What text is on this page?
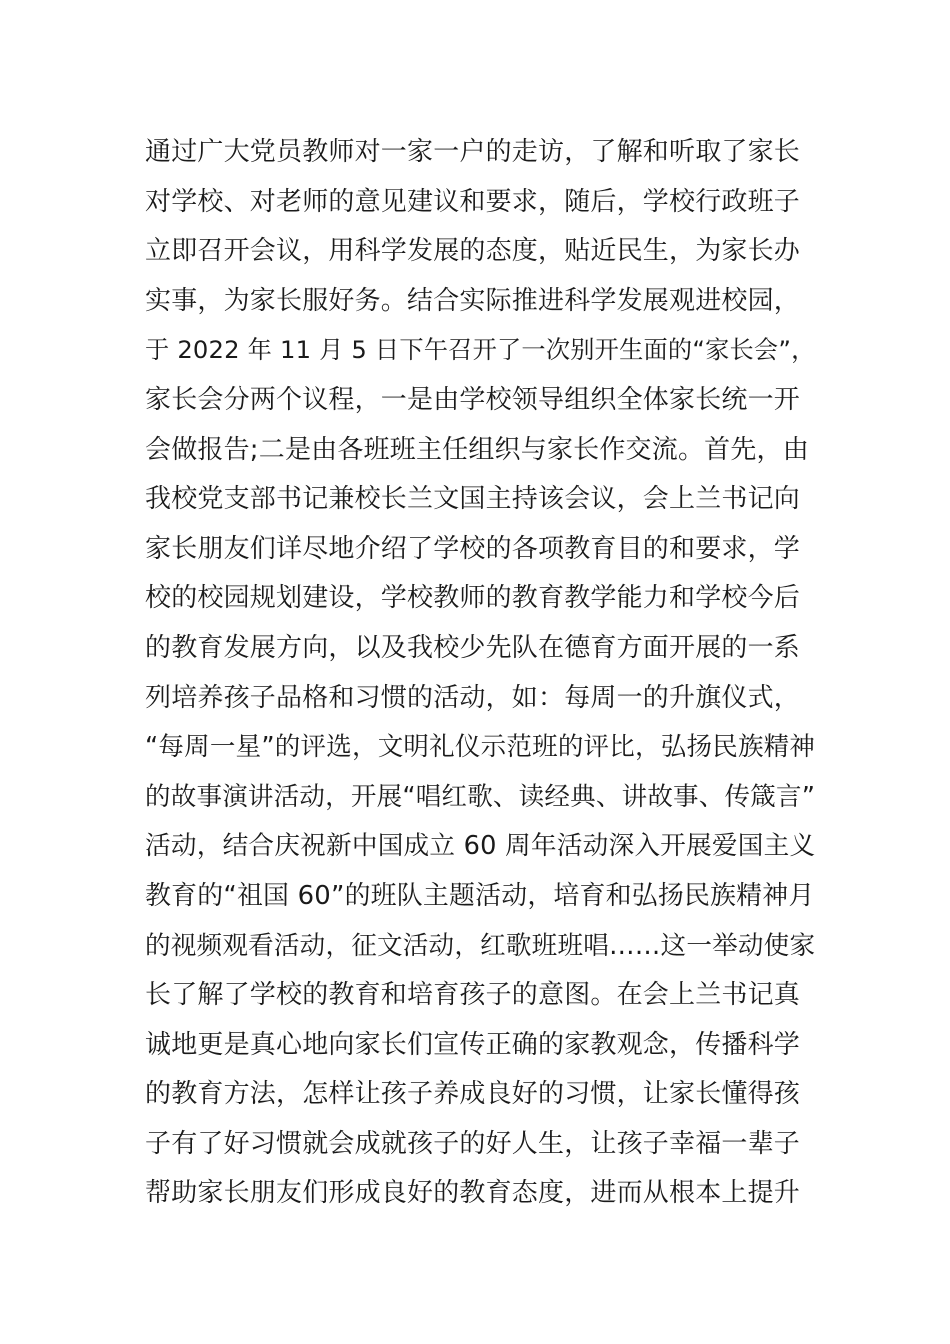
通过广大党员教师对一家一户的走访，了解和听取了家长
对学校、对老师的意见建议和要求，随后，学校行政班子
立即召开会议，用科学发展的态度，贴近民生，为家长办
实事，为家长服好务。结合实际推进科学发展观进校园，
于 2022 年 11 月 5 日下午召开了一次别开生面的“家长会”，
家长会分两个议程，一是由学校领导组织全体家长统一开
会做报告;二是由各班班主任组织与家长作交流。首先，由
我校党支部书记兼校长兰文国主持该会议，会上兰书记向
家长朋友们详尽地介绍了学校的各项教育目的和要求，学
校的校园规划建设，学校教师的教育教学能力和学校今后
的教育发展方向，以及我校少先队在德育方面开展的一系
列培养孩子品格和习惯的活动，如：每周一的升旗仪式，
“每周一星”的评选，文明礼仪示范班的评比，弘扬民族精神
的故事演讲活动，开展“唱红歌、读经典、讲故事、传箴言”
活动，结合庆祝新中国成立 60 周年活动深入开展爱国主义
教育的“祖国 60”的班队主题活动，培育和弘扬民族精神月
的视频观看活动，征文活动，红歌班班唱……这一举动使家
长了解了学校的教育和培育孩子的意图。在会上兰书记真
诚地更是真心地向家长们宣传正确的家教观念，传播科学
的教育方法，怎样让孩子养成良好的习惯，让家长懂得孩
子有了好习惯就会成就孩子的好人生，让孩子幸福一辈子
帮助家长朋友们形成良好的教育态度，进而从根本上提升
